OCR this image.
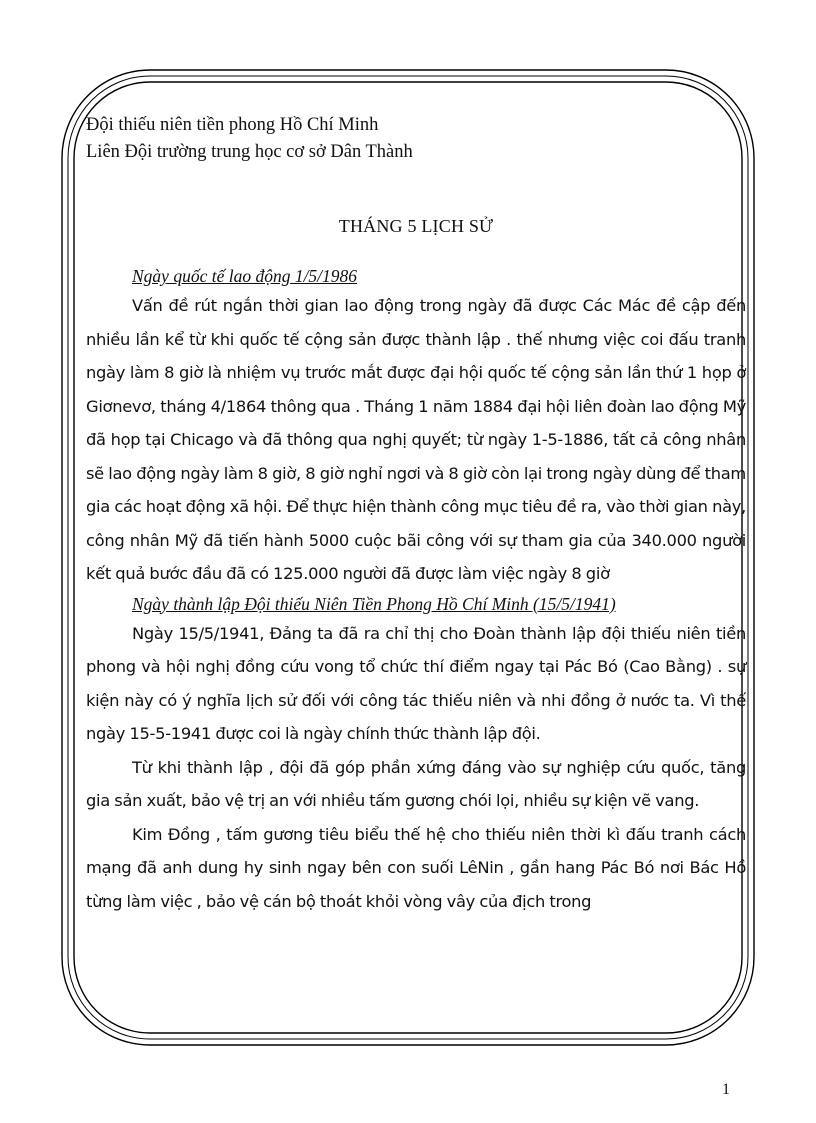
Đội thiếu niên tiền phong Hồ Chí Minh

Liên Đội trường trung học cơ sở Dân Thành

THÁNG 5 LỊCH SỬ

Ngày quốc tế lao động 1/5/1986

Vấn đề rút ngắn thời gian lao động trong ngày đã được Các Mác đề cập đến nhiều lần kể từ khi quốc tế cộng sản được thành lập . thế nhưng việc coi đấu tranh ngày làm 8 giờ là nhiệm vụ trước mắt được đại hội quốc tế cộng sản lần thứ 1 họp ở Giơnevơ, tháng 4/1864 thông qua . Tháng 1 năm 1884 đại hội liên đoàn lao động Mỹ đã họp tại Chicago và đã thông qua nghị quyết; từ ngày 1-5-1886, tất cả công nhân sẽ lao động ngày làm 8 giờ, 8 giờ nghỉ ngơi và 8 giờ còn lại trong ngày dùng để tham gia các hoạt động xã hội. Để thực hiện thành công mục tiêu đề ra, vào thời gian này, công nhân Mỹ đã tiến hành 5000 cuộc bãi công với sự tham gia của 340.000 người kết quả bước đầu đã có 125.000 người đã được làm việc ngày 8 giờ

Ngày thành lập Đội thiếu Niên Tiền Phong Hồ Chí Minh (15/5/1941)

Ngày 15/5/1941, Đảng ta đã ra chỉ thị cho Đoàn thành lập đội thiếu niên tiền phong và hội nghị đồng cứu vong tổ chức thí điểm ngay tại Pác Bó (Cao Bằng) . sự kiện này có ý nghĩa lịch sử đối với công tác thiếu niên và nhi đồng ở nước ta. Vì thế ngày 15-5-1941 được coi là ngày chính thức thành lập đội.

Từ khi thành lập , đội đã góp phần xứng đáng vào sự nghiệp cứu quốc, tăng gia sản xuất, bảo vệ trị an với nhiều tấm gương chói lọi, nhiều sự kiện vẽ vang.

Kim Đồng , tấm gương tiêu biểu thế hệ cho thiếu niên thời kì đấu tranh cách mạng đã anh dung hy sinh ngay bên con suối LêNin , gần hang Pác Bó nơi Bác Hồ từng làm việc , bảo vệ cán bộ thoát khỏi vòng vây của địch trong

1
